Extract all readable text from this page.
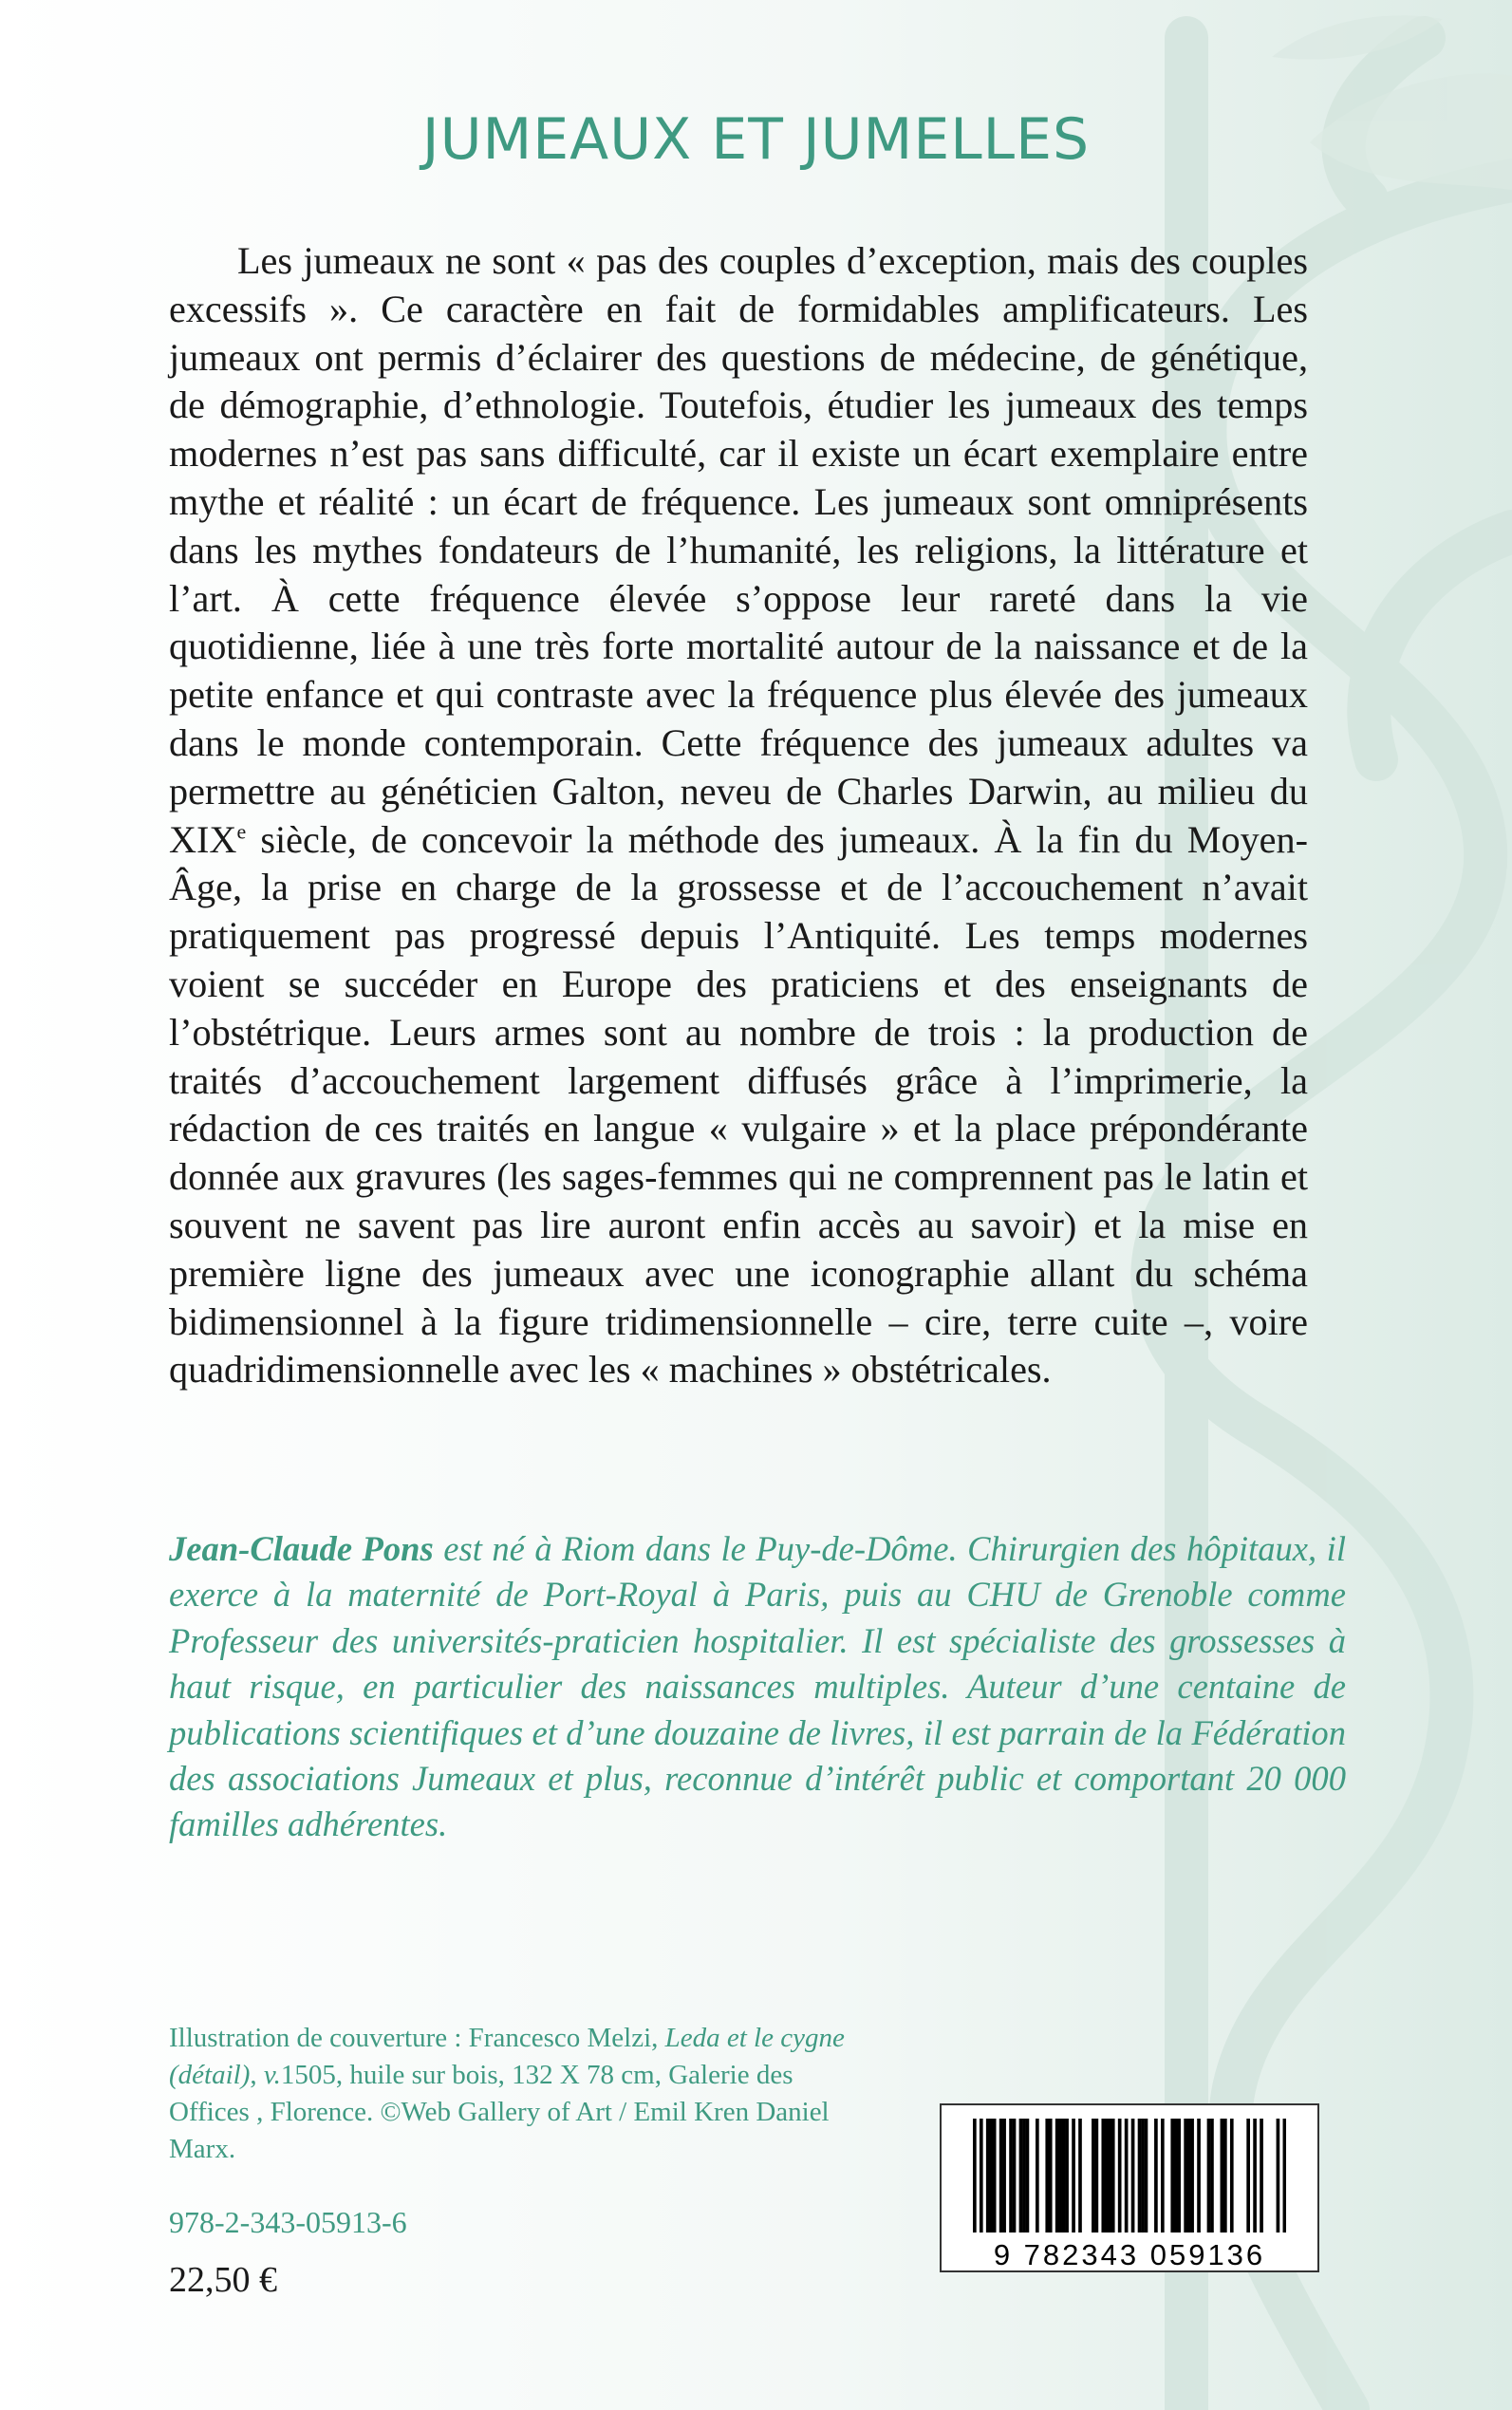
JUMEAUX ET JUMELLES

Les jumeaux ne sont « pas des couples d’exception, mais des couples excessifs ». Ce caractère en fait de formidables amplificateurs. Les jumeaux ont permis d’éclairer des questions de médecine, de génétique, de démographie, d’ethnologie. Toutefois, étudier les jumeaux des temps modernes n’est pas sans difficulté, car il existe un écart exemplaire entre mythe et réalité : un écart de fréquence. Les jumeaux sont omniprésents dans les mythes fondateurs de l’humanité, les religions, la littérature et l’art. À cette fréquence élevée s’oppose leur rareté dans la vie quotidienne, liée à une très forte mortalité autour de la naissance et de la petite enfance et qui contraste avec la fréquence plus élevée des jumeaux dans le monde contemporain. Cette fréquence des jumeaux adultes va permettre au généticien Galton, neveu de Charles Darwin, au milieu du XIXe siècle, de concevoir la méthode des jumeaux. À la fin du Moyen-Âge, la prise en charge de la grossesse et de l’accouchement n’avait pratiquement pas progressé depuis l’Antiquité. Les temps modernes voient se succéder en Europe des praticiens et des enseignants de l’obstétrique. Leurs armes sont au nombre de trois : la production de traités d’accouchement largement diffusés grâce à l’imprimerie, la rédaction de ces traités en langue « vulgaire » et la place prépondérante donnée aux gravures (les sages-femmes qui ne comprennent pas le latin et souvent ne savent pas lire auront enfin accès au savoir) et la mise en première ligne des jumeaux avec une iconographie allant du schéma bidimensionnel à la figure tridimensionnelle – cire, terre cuite –, voire quadridimensionnelle avec les « machines » obstétricales.

Jean-Claude Pons est né à Riom dans le Puy-de-Dôme. Chirurgien des hôpitaux, il exerce à la maternité de Port-Royal à Paris, puis au CHU de Grenoble comme Professeur des universités-praticien hospitalier. Il est spécialiste des grossesses à haut risque, en particulier des naissances multiples. Auteur d’une centaine de publications scientifiques et d’une douzaine de livres, il est parrain de la Fédération des associations Jumeaux et plus, reconnue d’intérêt public et comportant 20 000 familles adhérentes.

Illustration de couverture : Francesco Melzi, Leda et le cygne (détail), v.1505, huile sur bois, 132 X 78 cm, Galerie des Offices , Florence. ©Web Gallery of Art / Emil Kren Daniel Marx.

978-2-343-05913-6

22,50 €

9 782343 059136
